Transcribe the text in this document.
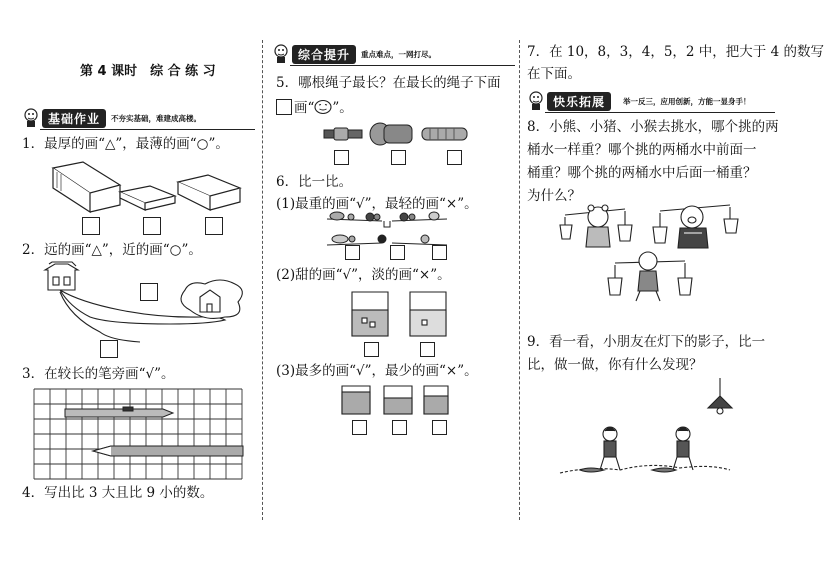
第 4 课时　综 合 练 习
基础作业	不夯实基础，难建成高楼。
1．最厚的画“△”，最薄的画“○”。
2．远的画“△”，近的画“○”。
3．在较长的笔旁画“√”。
4．写出比 3 大且比 9 小的数。
综合提升	重点难点，一网打尽。
5．哪根绳子最长？在最长的绳子下面
画“ ”。
6．比一比。
(1)最重的画“√”，最轻的画“×”。
(2)甜的画“√”，淡的画“×”。
(3)最多的画“√”，最少的画“×”。
7．在 10，8，3，4，5，2 中，把大于 4 的数写
在下面。
快乐拓展	举一反三，应用创新，方能一显身手！
8．小熊、小猪、小猴去挑水，哪个挑的两
桶水一样重？哪个挑的两桶水中前面一
桶重？哪个挑的两桶水中后面一桶重？
为什么？
9．看一看，小朋友在灯下的影子，比一
比，做一做，你有什么发现？
